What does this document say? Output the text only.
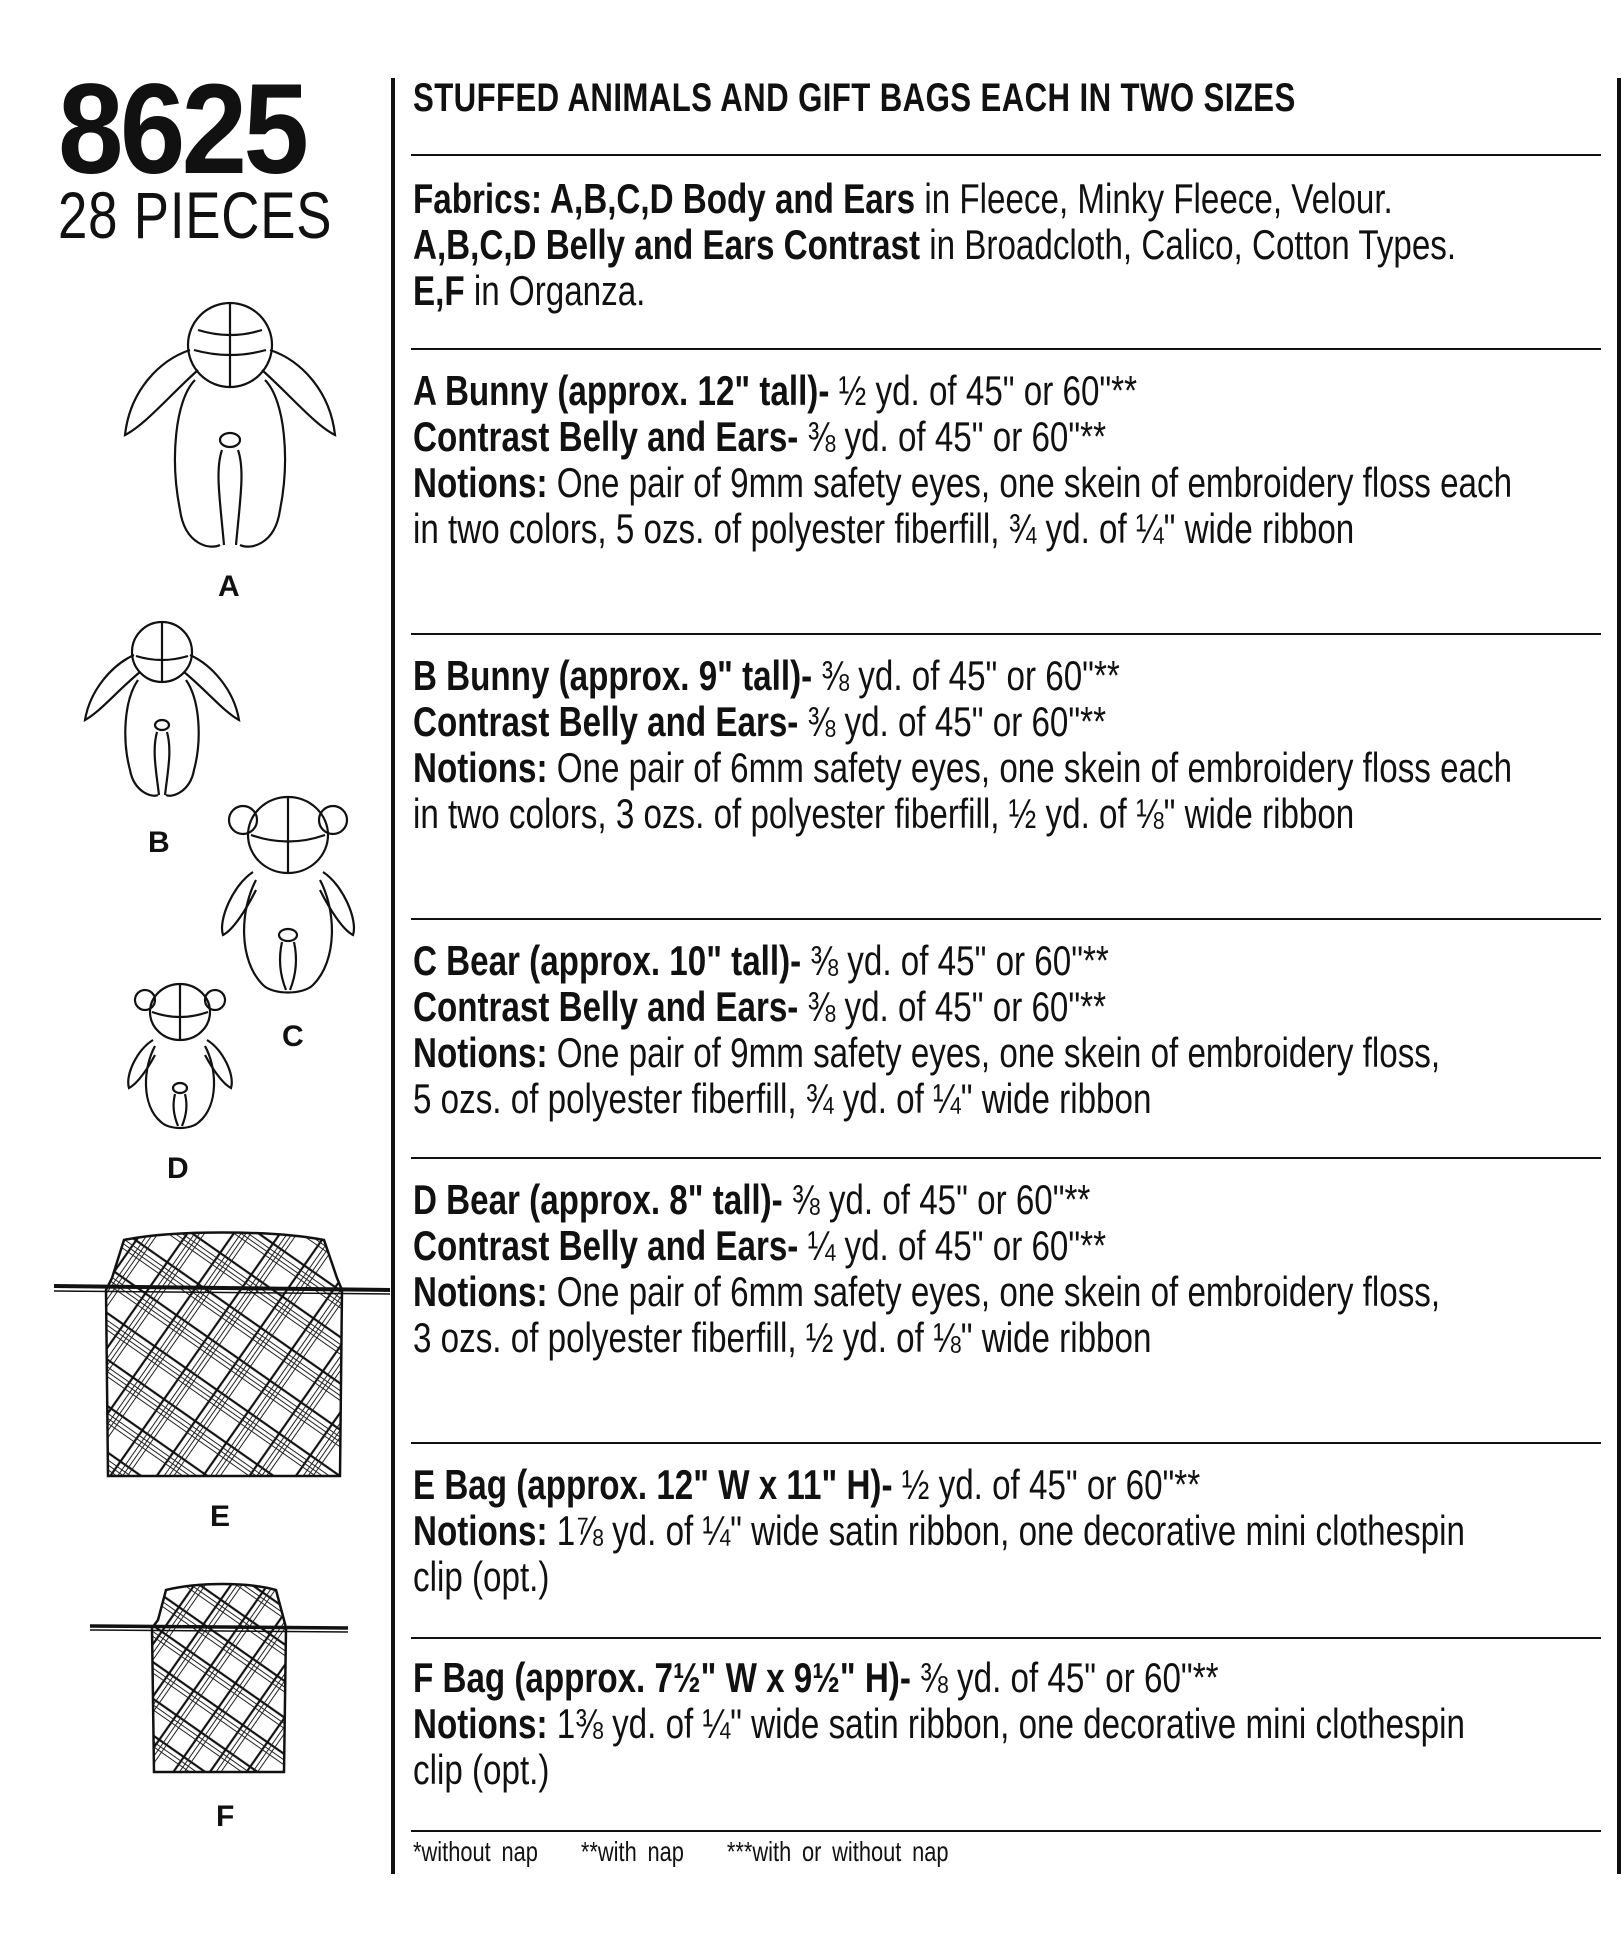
8625
28 PIECES
STUFFED ANIMALS AND GIFT BAGS EACH IN TWO SIZES
Fabrics: A,B,C,D Body and Ears in Fleece, Minky Fleece, Velour.
A,B,C,D Belly and Ears Contrast in Broadcloth, Calico, Cotton Types.
E,F in Organza.
A Bunny (approx. 12" tall)- ½ yd. of 45" or 60"**
Contrast Belly and Ears- ⅜ yd. of 45" or 60"**
Notions: One pair of 9mm safety eyes, one skein of embroidery floss each
in two colors, 5 ozs. of polyester fiberfill, ¾ yd. of ¼" wide ribbon
B Bunny (approx. 9" tall)- ⅜ yd. of 45" or 60"**
Contrast Belly and Ears- ⅜ yd. of 45" or 60"**
Notions: One pair of 6mm safety eyes, one skein of embroidery floss each
in two colors, 3 ozs. of polyester fiberfill, ½ yd. of ⅛" wide ribbon
C Bear (approx. 10" tall)- ⅜ yd. of 45" or 60"**
Contrast Belly and Ears- ⅜ yd. of 45" or 60"**
Notions: One pair of 9mm safety eyes, one skein of embroidery floss,
5 ozs. of polyester fiberfill, ¾ yd. of ¼" wide ribbon
D Bear (approx. 8" tall)- ⅜ yd. of 45" or 60"**
Contrast Belly and Ears- ¼ yd. of 45" or 60"**
Notions: One pair of 6mm safety eyes, one skein of embroidery floss,
3 ozs. of polyester fiberfill, ½ yd. of ⅛" wide ribbon
E Bag (approx. 12" W x 11" H)- ½ yd. of 45" or 60"**
Notions: 1⅞ yd. of ¼" wide satin ribbon, one decorative mini clothespin
clip (opt.)
F Bag (approx. 7½" W x 9½" H)- ⅜ yd. of 45" or 60"**
Notions: 1⅜ yd. of ¼" wide satin ribbon, one decorative mini clothespin
clip (opt.)
*without nap **with nap ***with or without nap
A
B
C
D
E
F
